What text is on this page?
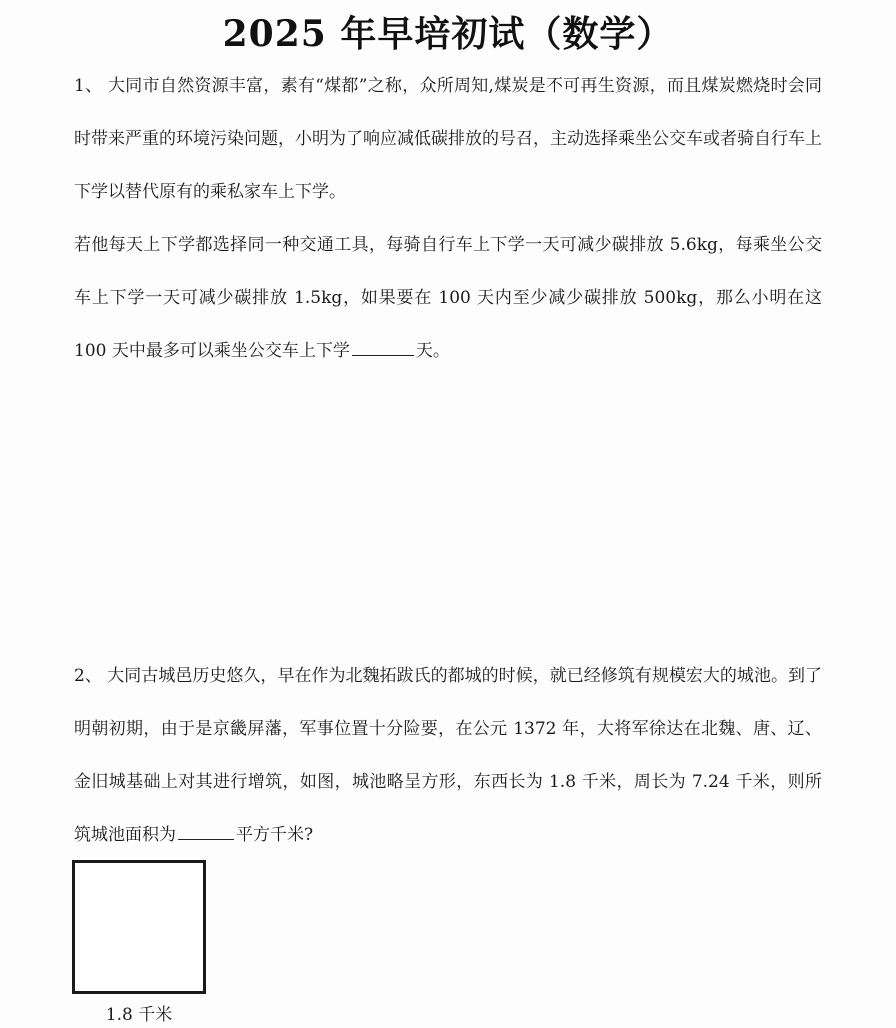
2025 年早培初试（数学）

1、 大同市自然资源丰富，素有“煤都”之称，众所周知,煤炭是不可再生资源，而且煤炭燃烧时会同时带来严重的环境污染问题，小明为了响应减低碳排放的号召，主动选择乘坐公交车或者骑自行车上下学以替代原有的乘私家车上下学。

若他每天上下学都选择同一种交通工具，每骑自行车上下学一天可减少碳排放 5.6kg，每乘坐公交车上下学一天可减少碳排放 1.5kg，如果要在 100 天内至少减少碳排放 500kg，那么小明在这 100 天中最多可以乘坐公交车上下学	天。

2、 大同古城邑历史悠久，早在作为北魏拓跋氏的都城的时候，就已经修筑有规模宏大的城池。到了明朝初期，由于是京畿屏藩，军事位置十分险要，在公元 1372 年，大将军徐达在北魏、唐、辽、金旧城基础上对其进行增筑，如图，城池略呈方形，东西长为 1.8 千米，周长为 7.24 千米，则所筑城池面积为	平方千米?

1.8 千米
